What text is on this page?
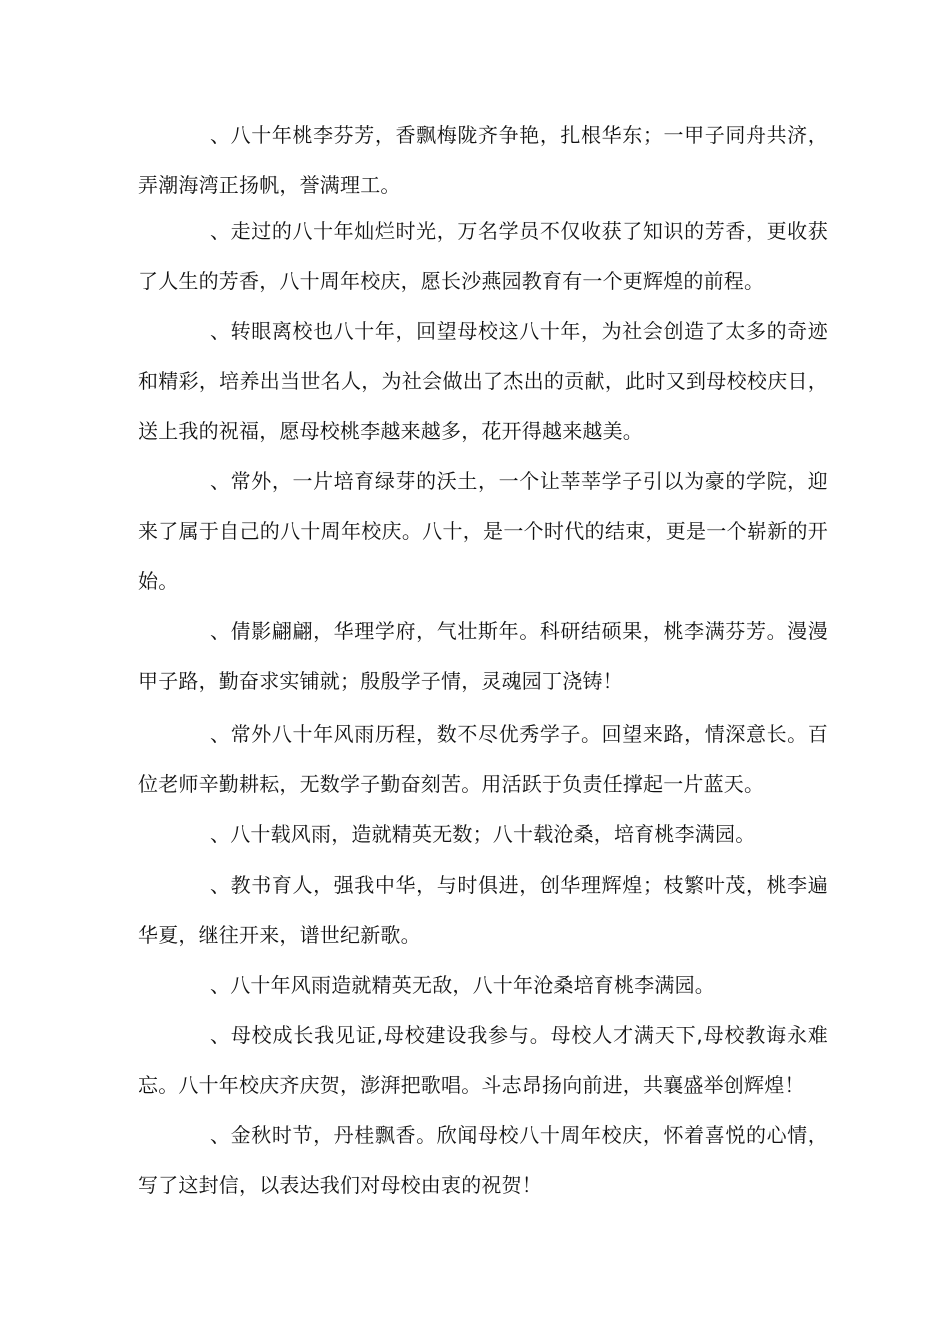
、八十年桃李芬芳，香飘梅陇齐争艳，扎根华东；一甲子同舟共济，弄潮海湾正扬帆，誉满理工。

、走过的八十年灿烂时光，万名学员不仅收获了知识的芳香，更收获了人生的芳香，八十周年校庆，愿长沙燕园教育有一个更辉煌的前程。

、转眼离校也八十年，回望母校这八十年，为社会创造了太多的奇迹和精彩，培养出当世名人，为社会做出了杰出的贡献，此时又到母校校庆日，送上我的祝福，愿母校桃李越来越多，花开得越来越美。

、常外，一片培育绿芽的沃土，一个让莘莘学子引以为豪的学院，迎来了属于自己的八十周年校庆。八十，是一个时代的结束，更是一个崭新的开始。

、倩影翩翩，华理学府，气壮斯年。科研结硕果，桃李满芬芳。漫漫甲子路，勤奋求实铺就；殷殷学子情，灵魂园丁浇铸！

、常外八十年风雨历程，数不尽优秀学子。回望来路，情深意长。百位老师辛勤耕耘，无数学子勤奋刻苦。用活跃于负责任撑起一片蓝天。

、八十载风雨，造就精英无数；八十载沧桑，培育桃李满园。

、教书育人，强我中华，与时俱进，创华理辉煌；枝繁叶茂，桃李遍华夏，继往开来，谱世纪新歌。

、八十年风雨造就精英无敌，八十年沧桑培育桃李满园。

、母校成长我见证,母校建设我参与。母校人才满天下,母校教诲永难忘。八十年校庆齐庆贺，澎湃把歌唱。斗志昂扬向前进，共襄盛举创辉煌！

、金秋时节，丹桂飘香。欣闻母校八十周年校庆，怀着喜悦的心情，写了这封信，以表达我们对母校由衷的祝贺！
